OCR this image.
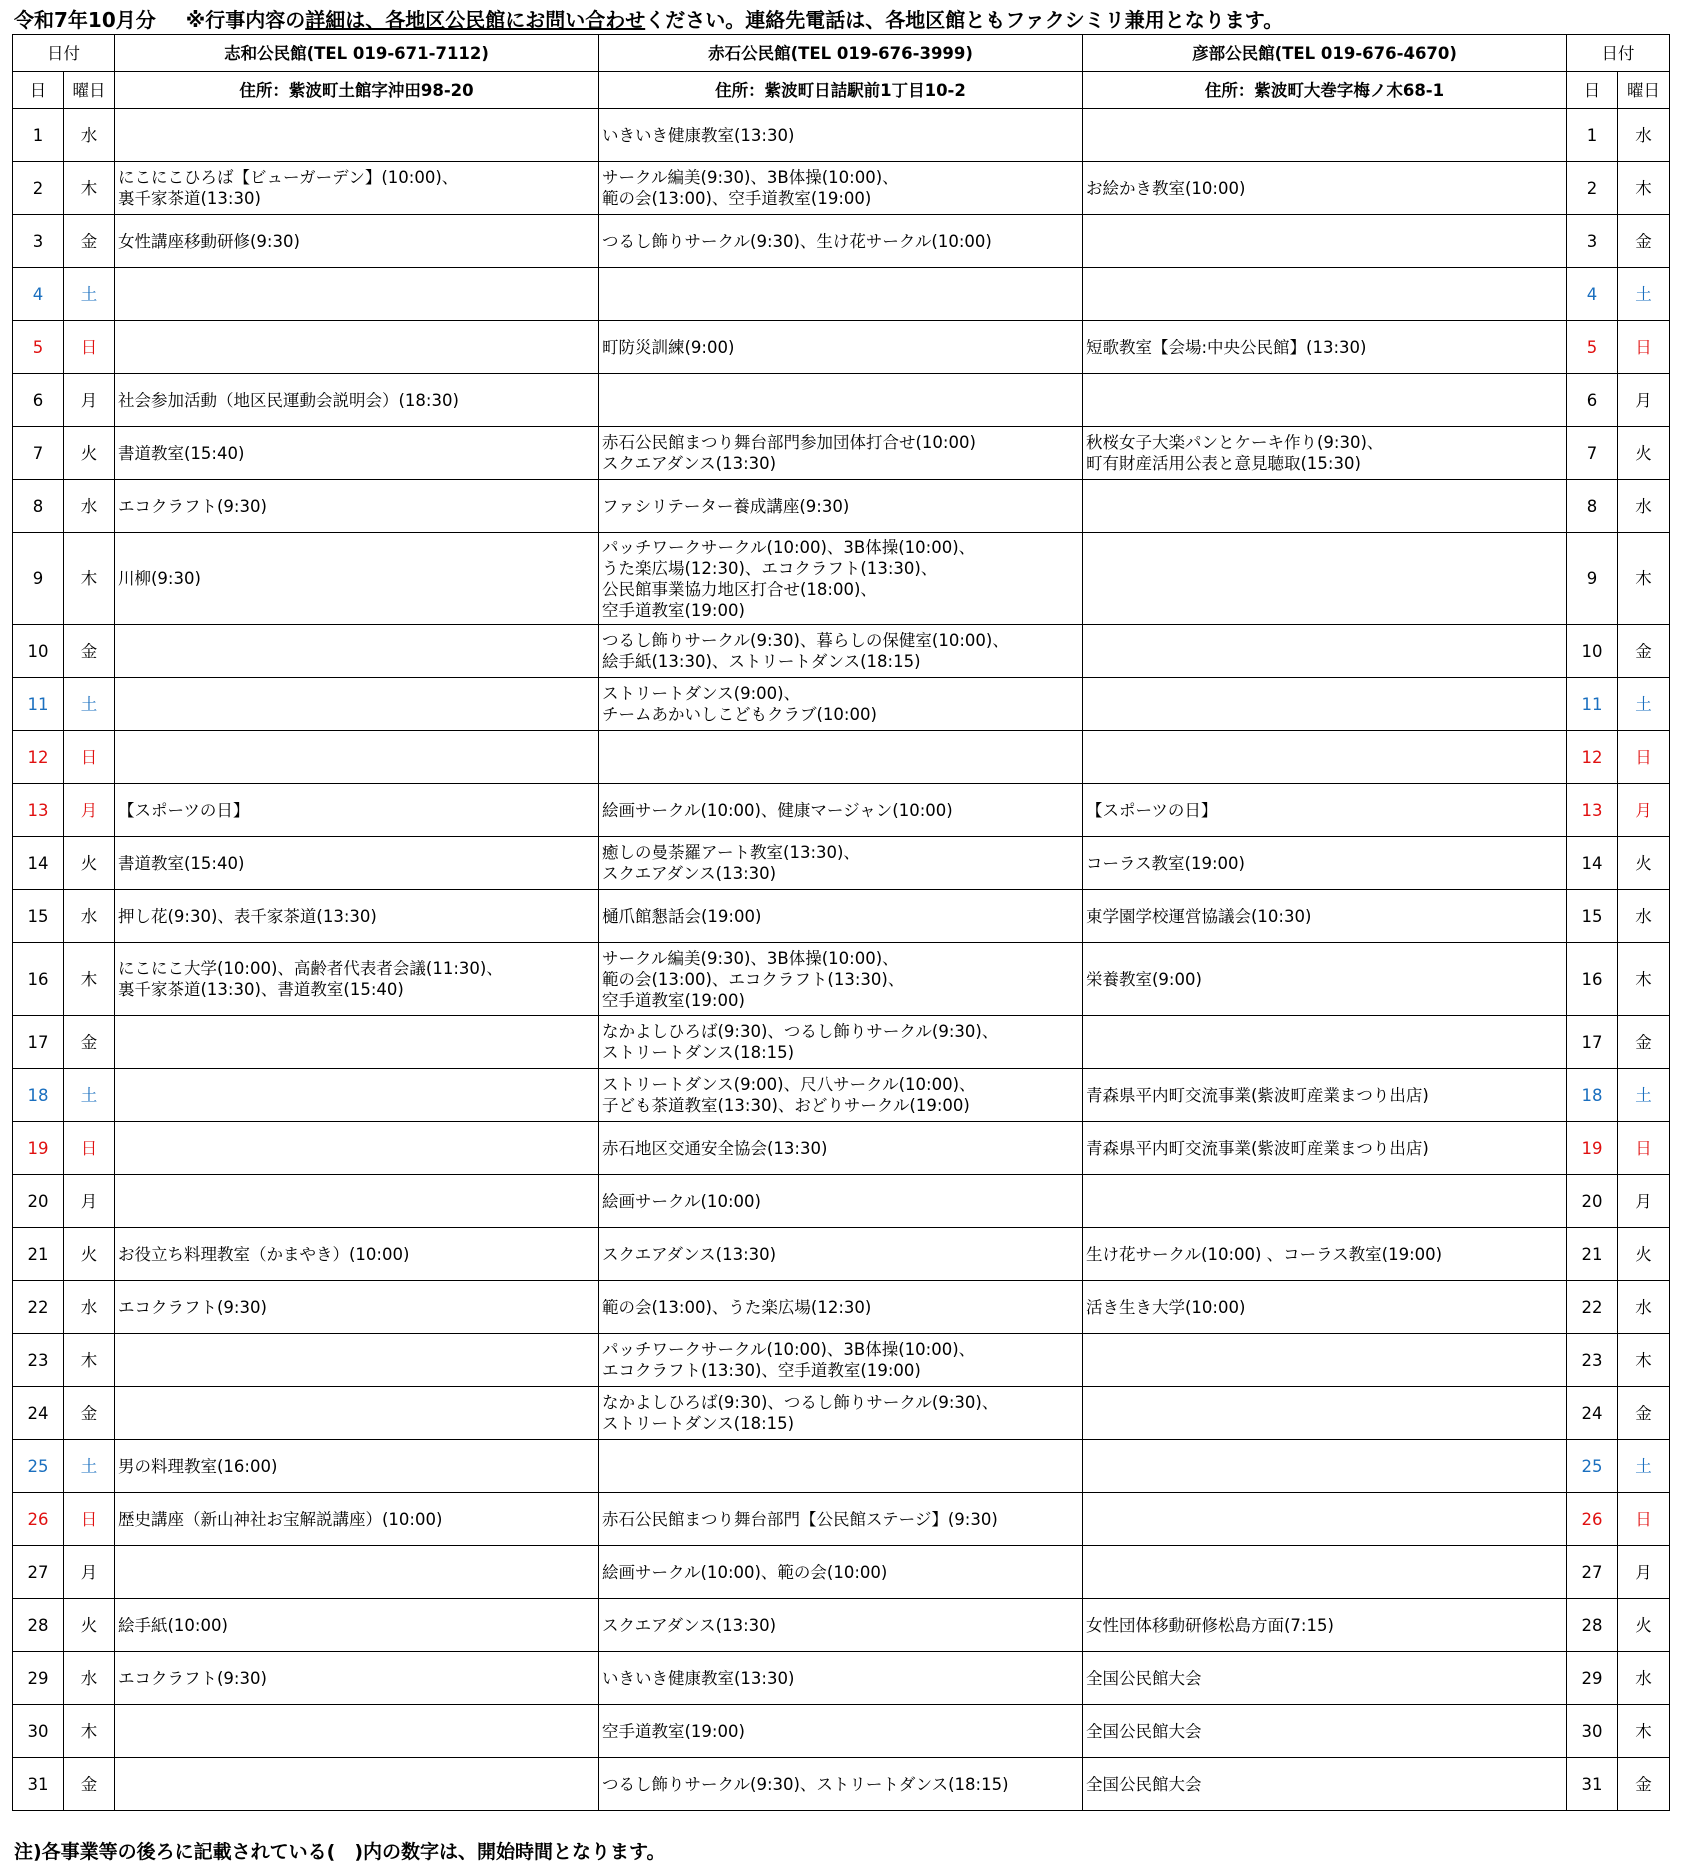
令和7年10月分 ※行事内容の詳細は、各地区公民館にお問い合わせください。連絡先電話は、各地区館ともファクシミリ兼用となります。
日付		志和公民館(TEL 019-671-7112)	赤石公民館(TEL 019-676-3999)	彦部公民館(TEL 019-676-4670)	日付	
日	曜日	住所：紫波町土館字沖田98-20	住所：紫波町日詰駅前1丁目10-2	住所：紫波町大巻字梅ノ木68-1	日	曜日
1	水		いきいき健康教室(13:30)		1	水
2	木	にこにこひろば【ビューガーデン】(10:00)、
裏千家茶道(13:30)	サークル編美(9:30)、3B体操(10:00)、
範の会(13:00)、空手道教室(19:00)	お絵かき教室(10:00)	2	木
3	金	女性講座移動研修(9:30)	つるし飾りサークル(9:30)、生け花サークル(10:00)		3	金
4	土				4	土
5	日		町防災訓練(9:00)	短歌教室【会場:中央公民館】(13:30)	5	日
6	月	社会参加活動（地区民運動会説明会）(18:30)			6	月
7	火	書道教室(15:40)	赤石公民館まつり舞台部門参加団体打合せ(10:00)
スクエアダンス(13:30)	秋桜女子大楽パンとケーキ作り(9:30)、
町有財産活用公表と意見聴取(15:30)	7	火
8	水	エコクラフト(9:30)	ファシリテーター養成講座(9:30)		8	水
9	木	川柳(9:30)	パッチワークサークル(10:00)、3B体操(10:00)、
うた楽広場(12:30)、エコクラフト(13:30)、
公民館事業協力地区打合せ(18:00)、
空手道教室(19:00)		9	木
10	金		つるし飾りサークル(9:30)、暮らしの保健室(10:00)、
絵手紙(13:30)、ストリートダンス(18:15)		10	金
11	土		ストリートダンス(9:00)、
チームあかいしこどもクラブ(10:00)		11	土
12	日				12	日
13	月	【スポーツの日】	絵画サークル(10:00)、健康マージャン(10:00)	【スポーツの日】	13	月
14	火	書道教室(15:40)	癒しの曼荼羅アート教室(13:30)、
スクエアダンス(13:30)	コーラス教室(19:00)	14	火
15	水	押し花(9:30)、表千家茶道(13:30)	樋爪館懇話会(19:00)	東学園学校運営協議会(10:30)	15	水
16	木	にこにこ大学(10:00)、高齢者代表者会議(11:30)、
裏千家茶道(13:30)、書道教室(15:40)	サークル編美(9:30)、3B体操(10:00)、
範の会(13:00)、エコクラフト(13:30)、
空手道教室(19:00)	栄養教室(9:00)	16	木
17	金		なかよしひろば(9:30)、つるし飾りサークル(9:30)、
ストリートダンス(18:15)		17	金
18	土		ストリートダンス(9:00)、尺八サークル(10:00)、
子ども茶道教室(13:30)、おどりサークル(19:00)	青森県平内町交流事業(紫波町産業まつり出店)	18	土
19	日		赤石地区交通安全協会(13:30)	青森県平内町交流事業(紫波町産業まつり出店)	19	日
20	月		絵画サークル(10:00)		20	月
21	火	お役立ち料理教室（かまやき）(10:00)	スクエアダンス(13:30)	生け花サークル(10:00) 、コーラス教室(19:00)	21	火
22	水	エコクラフト(9:30)	範の会(13:00)、うた楽広場(12:30)	活き生き大学(10:00)	22	水
23	木		パッチワークサークル(10:00)、3B体操(10:00)、
エコクラフト(13:30)、空手道教室(19:00)		23	木
24	金		なかよしひろば(9:30)、つるし飾りサークル(9:30)、
ストリートダンス(18:15)		24	金
25	土	男の料理教室(16:00)			25	土
26	日	歴史講座（新山神社お宝解説講座）(10:00)	赤石公民館まつり舞台部門【公民館ステージ】(9:30)		26	日
27	月		絵画サークル(10:00)、範の会(10:00)		27	月
28	火	絵手紙(10:00)	スクエアダンス(13:30)	女性団体移動研修松島方面(7:15)	28	火
29	水	エコクラフト(9:30)	いきいき健康教室(13:30)	全国公民館大会	29	水
30	木		空手道教室(19:00)	全国公民館大会	30	木
31	金		つるし飾りサークル(9:30)、ストリートダンス(18:15)	全国公民館大会	31	金
注)各事業等の後ろに記載されている(　)内の数字は、開始時間となります。
